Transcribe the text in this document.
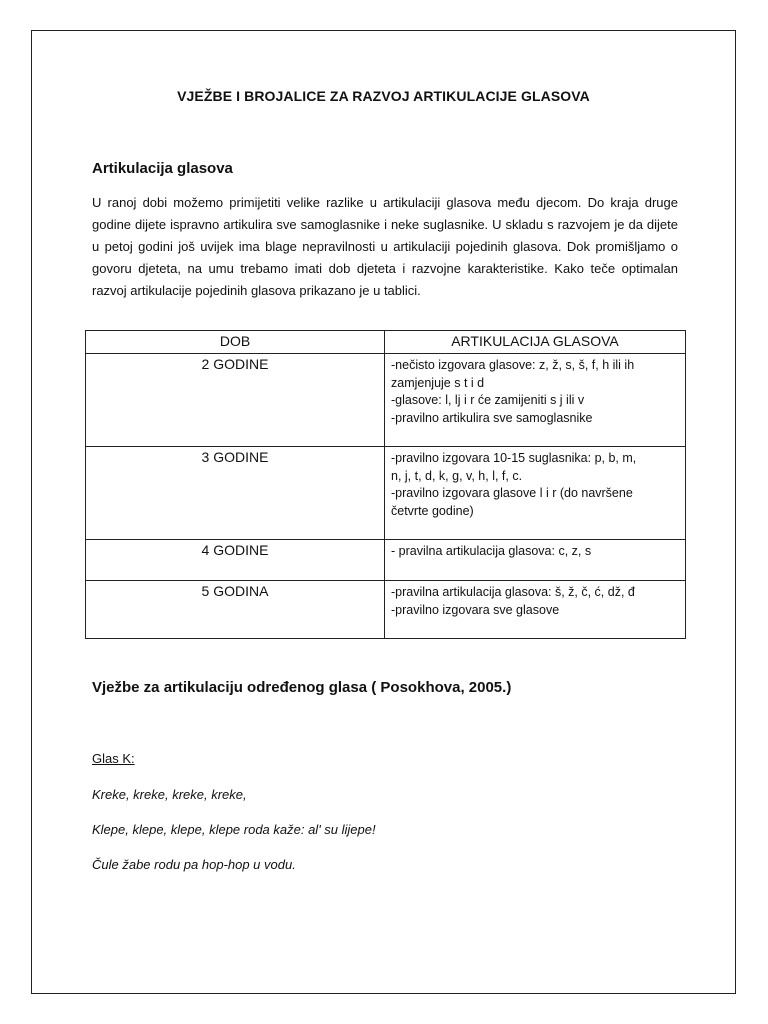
VJEŽBE I BROJALICE ZA RAZVOJ ARTIKULACIJE GLASOVA
Artikulacija glasova

U ranoj dobi možemo primijetiti velike razlike u artikulaciji glasova među djecom. Do kraja druge godine dijete ispravno artikulira sve samoglasnike i neke suglasnike. U skladu s razvojem je da dijete u petoj godini još uvijek ima blage nepravilnosti u artikulaciji pojedinih glasova. Dok promišljamo o govoru djeteta, na umu trebamo imati dob djeteta i razvojne karakteristike. Kako teče optimalan razvoj artikulacije pojedinih glasova prikazano je u tablici.

DOB	ARTIKULACIJA GLASOVA
2 GODINE	-nečisto izgovara glasove: z, ž, s, š, f, h ili ih
zamjenjuje s t i d
-glasove: l, lj i r će zamijeniti s j ili v
-pravilno artikulira sve samoglasnike

3 GODINE	-pravilno izgovara 10-15 suglasnika: p, b, m,
n, j, t, d, k, g, v, h, l, f, c.
-pravilno izgovara glasove l i r (do navršene
četvrte godine)

4 GODINE	- pravilna artikulacija glasova: c, z, s

5 GODINA	-pravilna artikulacija glasova: š, ž, č, ć, dž, đ
-pravilno izgovara sve glasove
Vježbe za artikulaciju određenog glasa ( Posokhova, 2005.)

Glas K:

Kreke, kreke, kreke, kreke,

Klepe, klepe, klepe, klepe roda kaže: al' su lijepe!

Čule žabe rodu pa hop-hop u vodu.
